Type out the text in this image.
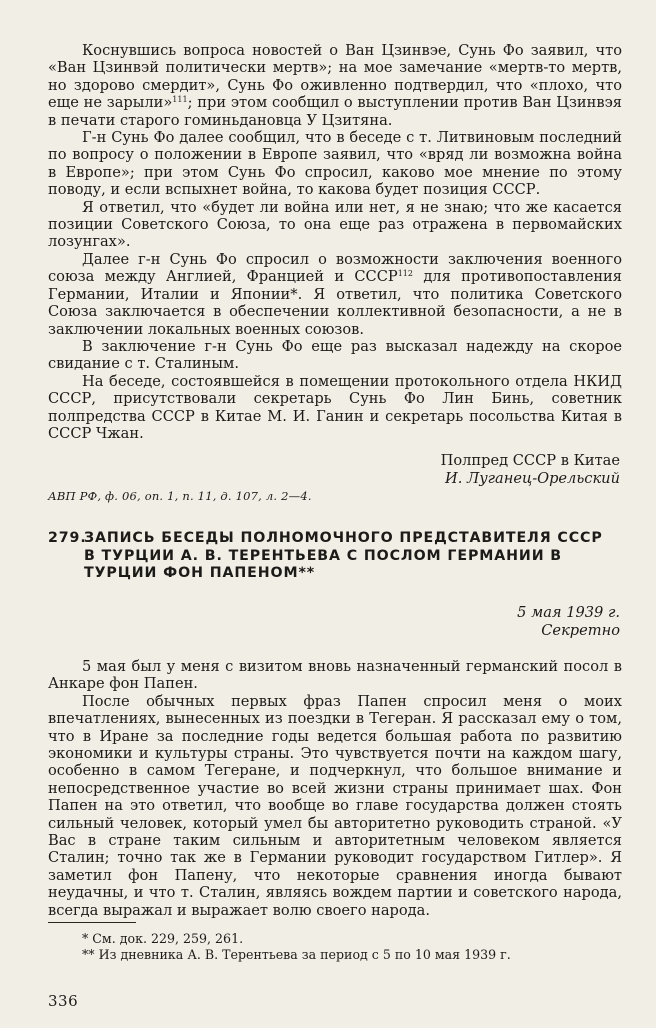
Коснувшись вопроса новостей о Ван Цзинвэе, Сунь Фо заявил, что «Ван Цзинвэй политически мертв»; на мое замечание «мертв-то мертв, но здорово смердит», Сунь Фо оживленно подтвердил, что «плохо, что еще не зарыли»$^{111}$; при этом сообщил о выступлении против Ван Цзинвэя в печати старого гоминьдановца У Цзитяна.

Г-н Сунь Фо далее сообщил, что в беседе с т. Литвиновым последний по вопросу о положении в Европе заявил, что «вряд ли возможна война в Европе»; при этом Сунь Фо спросил, каково мое мнение по этому поводу, и если вспыхнет война, то какова будет позиция СССР.

Я ответил, что «будет ли война или нет, я не знаю; что же касается позиции Советского Союза, то она еще раз отражена в первомайских лозунгах».

Далее г-н Сунь Фо спросил о возможности заключения военного союза между Англией, Францией и СССР$^{112}$ для противопоставления Германии, Италии и Японии*. Я ответил, что политика Советского Союза заключается в обеспечении коллективной безопасности, а не в заключении локальных военных союзов.

В заключение г-н Сунь Фо еще раз высказал надежду на скорое свидание с т. Сталиным.

На беседе, состоявшейся в помещении протокольного отдела НКИД СССР, присутствовали секретарь Сунь Фо Лин Бинь, советник полпредства СССР в Китае М. И. Ганин и секретарь посольства Китая в СССР Чжан.

Полпред СССР в Китае
И. Луганец-Орельский
АВП РФ, ф. 06, оп. 1, п. 11, д. 107, л. 2—4.
279.ЗАПИСЬ БЕСЕДЫ ПОЛНОМОЧНОГО ПРЕДСТАВИТЕЛЯ СССР
В ТУРЦИИ А. В. ТЕРЕНТЬЕВА С ПОСЛОМ ГЕРМАНИИ В ТУРЦИИ ФОН ПАПЕНОМ**
5 мая 1939 г.
Секретно

5 мая был у меня с визитом вновь назначенный германский посол в Анкаре фон Папен.

После обычных первых фраз Папен спросил меня о моих впечатлениях, вынесенных из поездки в Тегеран. Я рассказал ему о том, что в Иране за последние годы ведется большая работа по развитию экономики и культуры страны. Это чувствуется почти на каждом шагу, особенно в самом Тегеране, и подчеркнул, что большое внимание и непосредственное участие во всей жизни страны принимает шах. Фон Папен на это ответил, что вообще во главе государства должен стоять сильный человек, который умел бы авторитетно руководить страной. «У Вас в стране таким сильным и авторитетным человеком является Сталин; точно так же в Германии руководит государством Гитлер». Я заметил фон Папену, что некоторые сравнения иногда бывают неудачны, и что т. Сталин, являясь вождем партии и советского народа, всегда выражал и выражает волю своего народа.

* См. док. 229, 259, 261.
** Из дневника А. В. Терентьева за период с 5 по 10 мая 1939 г.
336
